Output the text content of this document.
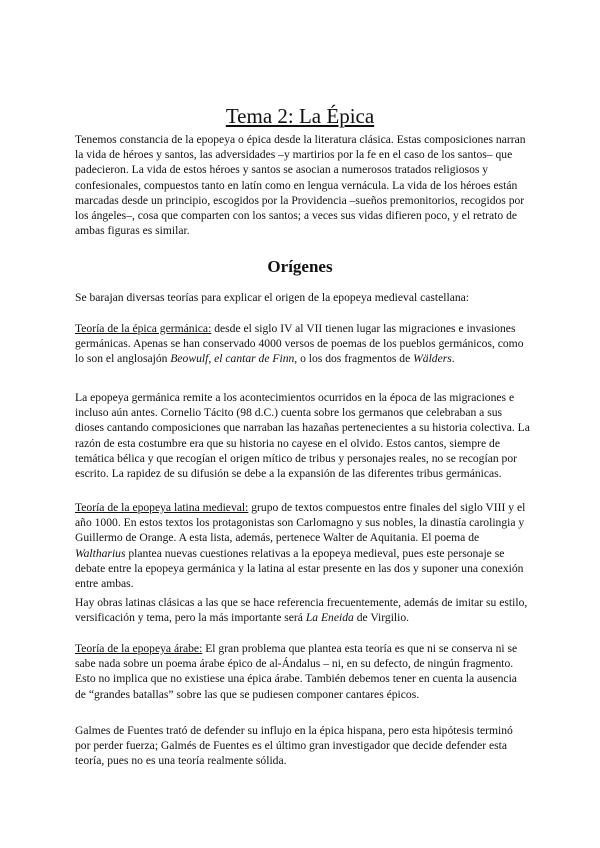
Tema 2: La Épica

Tenemos constancia de la epopeya o épica desde la literatura clásica. Estas composiciones narran la vida de héroes y santos, las adversidades –y martirios por la fe en el caso de los santos– que padecieron. La vida de estos héroes y santos se asocian a numerosos tratados religiosos y confesionales, compuestos tanto en latín como en lengua vernácula. La vida de los héroes están marcadas desde un principio, escogidos por la Providencia –sueños premonitorios, recogidos por los ángeles–, cosa que comparten con los santos; a veces sus vidas difieren poco, y el retrato de ambas figuras es similar.

Orígenes

Se barajan diversas teorías para explicar el origen de la epopeya medieval castellana:

Teoría de la épica germánica: desde el siglo IV al VII tienen lugar las migraciones e invasiones germánicas. Apenas se han conservado 4000 versos de poemas de los pueblos germánicos, como lo son el anglosajón Beowulf, el cantar de Finn, o los dos fragmentos de Wälders.

La epopeya germánica remite a los acontecimientos ocurridos en la época de las migraciones e incluso aún antes. Cornelio Tácito (98 d.C.) cuenta sobre los germanos que celebraban a sus dioses cantando composiciones que narraban las hazañas pertenecientes a su historia colectiva. La razón de esta costumbre era que su historia no cayese en el olvido. Estos cantos, siempre de temática bélica y que recogían el origen mítico de tribus y personajes reales, no se recogían por escrito. La rapidez de su difusión se debe a la expansión de las diferentes tribus germánicas.

Teoría de la epopeya latina medieval: grupo de textos compuestos entre finales del siglo VIII y el año 1000. En estos textos los protagonistas son Carlomagno y sus nobles, la dinastía carolingia y Guillermo de Orange. A esta lista, además, pertenece Walter de Aquitania. El poema de Waltharius plantea nuevas cuestiones relativas a la epopeya medieval, pues este personaje se debate entre la epopeya germánica y la latina al estar presente en las dos y suponer una conexión entre ambas.

Hay obras latinas clásicas a las que se hace referencia frecuentemente, además de imitar su estilo, versificación y tema, pero la más importante será La Eneida de Virgilio.

Teoría de la epopeya árabe: El gran problema que plantea esta teoría es que ni se conserva ni se sabe nada sobre un poema árabe épico de al-Ándalus – ni, en su defecto, de ningún fragmento. Esto no implica que no existiese una épica árabe. También debemos tener en cuenta la ausencia de “grandes batallas” sobre las que se pudiesen componer cantares épicos.

Galmes de Fuentes trató de defender su influjo en la épica hispana, pero esta hipótesis terminó por perder fuerza; Galmés de Fuentes es el último gran investigador que decide defender esta teoría, pues no es una teoría realmente sólida.
